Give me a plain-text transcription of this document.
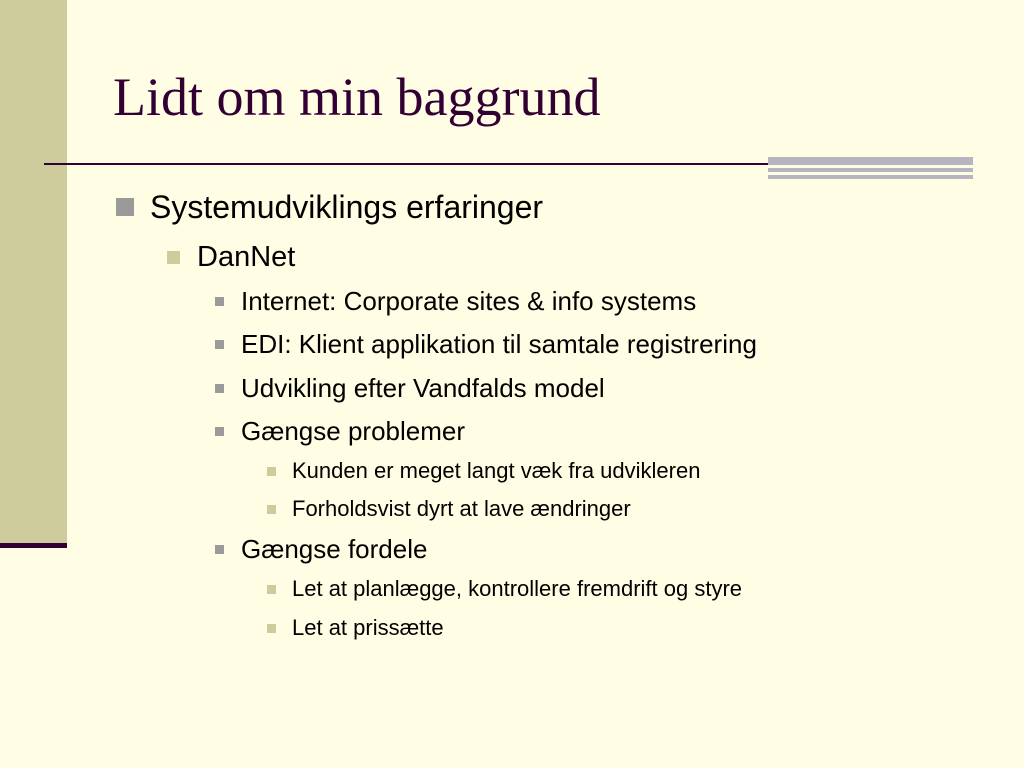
Lidt om min baggrund
Systemudviklings erfaringer
DanNet
Internet: Corporate sites & info systems
EDI: Klient applikation til samtale registrering
Udvikling efter Vandfalds model
Gængse problemer
Kunden er meget langt væk fra udvikleren
Forholdsvist dyrt at lave ændringer
Gængse fordele
Let at planlægge, kontrollere fremdrift og styre
Let at prissætte
